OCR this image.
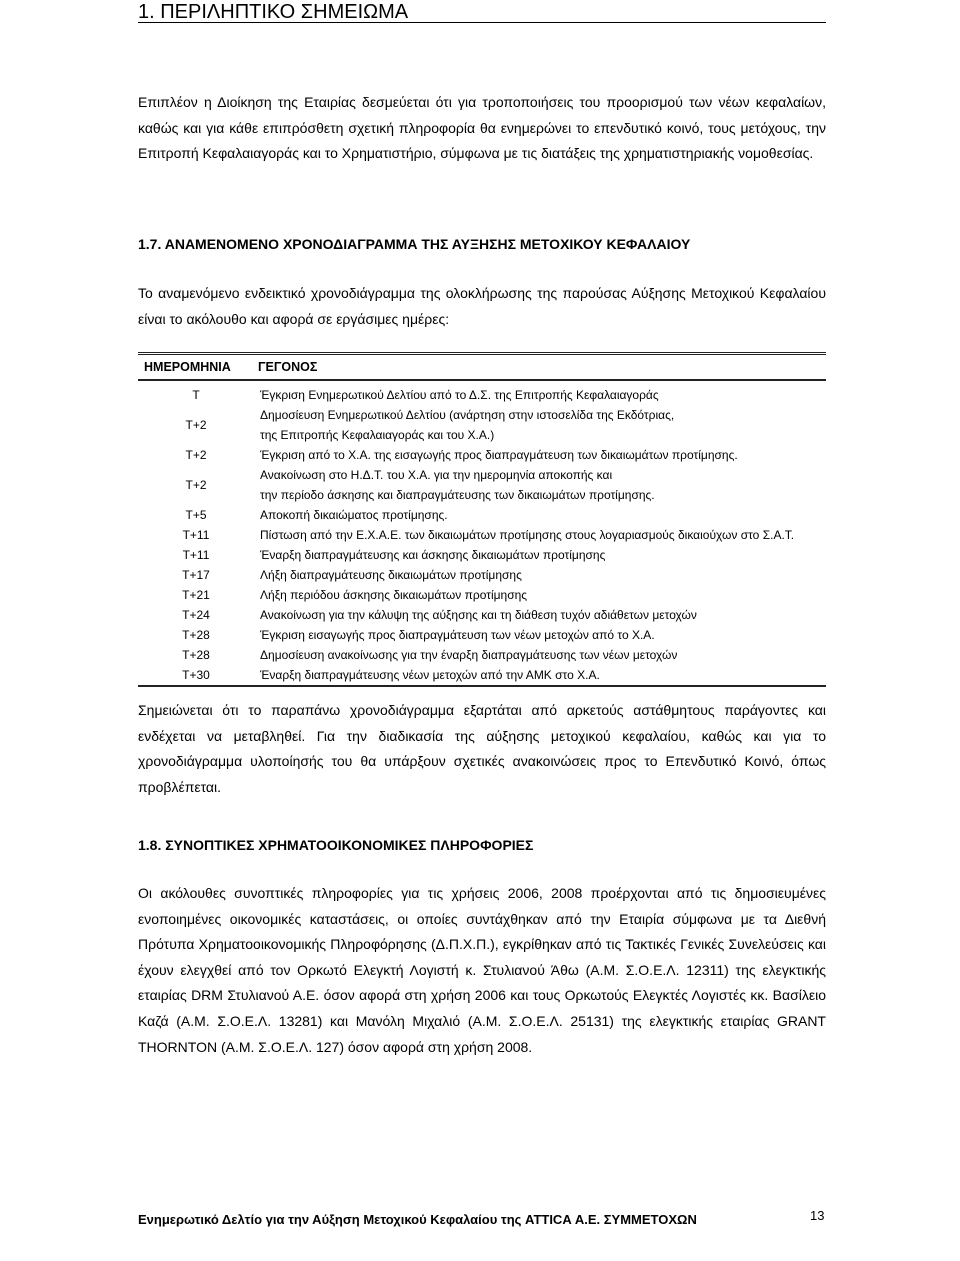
1. ΠΕΡΙΛΗΠΤΙΚΟ ΣΗΜΕΙΩΜΑ

Επιπλέον η Διοίκηση της Εταιρίας δεσμεύεται ότι για τροποποιήσεις του προορισμού των νέων κεφαλαίων, καθώς και για κάθε επιπρόσθετη σχετική πληροφορία θα ενημερώνει το επενδυτικό κοινό, τους μετόχους, την Επιτροπή Κεφαλαιαγοράς και το Χρηματιστήριο, σύμφωνα με τις διατάξεις της χρηματιστηριακής νομοθεσίας.

1.7. ΑΝΑΜΕΝΟΜΕΝΟ ΧΡΟΝΟΔΙΑΓΡΑΜΜΑ ΤΗΣ ΑΥΞΗΣΗΣ ΜΕΤΟΧΙΚΟΥ ΚΕΦΑΛΑΙΟΥ

Το αναμενόμενο ενδεικτικό χρονοδιάγραμμα της ολοκλήρωσης της παρούσας Αύξησης Μετοχικού Κεφαλαίου είναι το ακόλουθο και αφορά σε εργάσιμες ημέρες:

ΗΜΕΡΟΜΗΝΙΑ	ΓΕΓΟΝΟΣ
Τ	Έγκριση Ενημερωτικού Δελτίου από το Δ.Σ. της Επιτροπής Κεφαλαιαγοράς
Τ+2	Δημοσίευση Ενημερωτικού Δελτίου (ανάρτηση στην ιστοσελίδα της Εκδότριας,
της Επιτροπής Κεφαλαιαγοράς και του Χ.Α.)

Τ+2	Έγκριση από το Χ.Α. της εισαγωγής προς διαπραγμάτευση των δικαιωμάτων προτίμησης.
Τ+2	Ανακοίνωση στο Η.Δ.Τ. του Χ.Α. για την ημερομηνία αποκοπής και
την περίοδο άσκησης και διαπραγμάτευσης των δικαιωμάτων προτίμησης.

Τ+5	Αποκοπή δικαιώματος προτίμησης.
Τ+11	Πίστωση από την Ε.Χ.Α.Ε. των δικαιωμάτων προτίμησης στους λογαριασμούς δικαιούχων στο Σ.Α.Τ.
Τ+11	Έναρξη διαπραγμάτευσης και άσκησης δικαιωμάτων προτίμησης
Τ+17	Λήξη διαπραγμάτευσης δικαιωμάτων προτίμησης
Τ+21	Λήξη περιόδου άσκησης δικαιωμάτων προτίμησης
Τ+24	Ανακοίνωση για την κάλυψη της αύξησης και τη διάθεση τυχόν αδιάθετων μετοχών
Τ+28	Έγκριση εισαγωγής προς διαπραγμάτευση των νέων μετοχών από το Χ.Α.
Τ+28	Δημοσίευση ανακοίνωσης για την έναρξη διαπραγμάτευσης των νέων μετοχών
Τ+30	Έναρξη διαπραγμάτευσης νέων μετοχών από την ΑΜΚ στο Χ.Α.

Σημειώνεται ότι το παραπάνω χρονοδιάγραμμα εξαρτάται από αρκετούς αστάθμητους παράγοντες και ενδέχεται να μεταβληθεί. Για την διαδικασία της αύξησης μετοχικού κεφαλαίου, καθώς και για το χρονοδιάγραμμα υλοποίησής του θα υπάρξουν σχετικές ανακοινώσεις προς το Επενδυτικό Κοινό, όπως προβλέπεται.

1.8. ΣΥΝΟΠΤΙΚΕΣ ΧΡΗΜΑΤΟΟΙΚΟΝΟΜΙΚΕΣ ΠΛΗΡΟΦΟΡΙΕΣ

Οι ακόλουθες συνοπτικές πληροφορίες για τις χρήσεις 2006, 2008 προέρχονται από τις δημοσιευμένες ενοποιημένες οικονομικές καταστάσεις, οι οποίες συντάχθηκαν από την Εταιρία σύμφωνα με τα Διεθνή Πρότυπα Χρηματοοικονομικής Πληροφόρησης (Δ.Π.Χ.Π.), εγκρίθηκαν από τις Τακτικές Γενικές Συνελεύσεις και έχουν ελεγχθεί από τον Ορκωτό Ελεγκτή Λογιστή κ. Στυλιανού Άθω (Α.Μ. Σ.Ο.Ε.Λ. 12311) της ελεγκτικής εταιρίας DRM Στυλιανού Α.Ε. όσον αφορά στη χρήση 2006 και τους Ορκωτούς Ελεγκτές Λογιστές κκ. Βασίλειο Καζά (Α.Μ. Σ.Ο.Ε.Λ. 13281) και Μανόλη Μιχαλιό (Α.Μ. Σ.Ο.Ε.Λ. 25131) της ελεγκτικής εταιρίας GRANT THORNTON (Α.Μ. Σ.Ο.Ε.Λ. 127) όσον αφορά στη χρήση 2008.

Ενημερωτικό Δελτίο για την Αύξηση Μετοχικού Κεφαλαίου της ATTICA Α.Ε. ΣΥΜΜΕΤΟΧΩΝ	13
